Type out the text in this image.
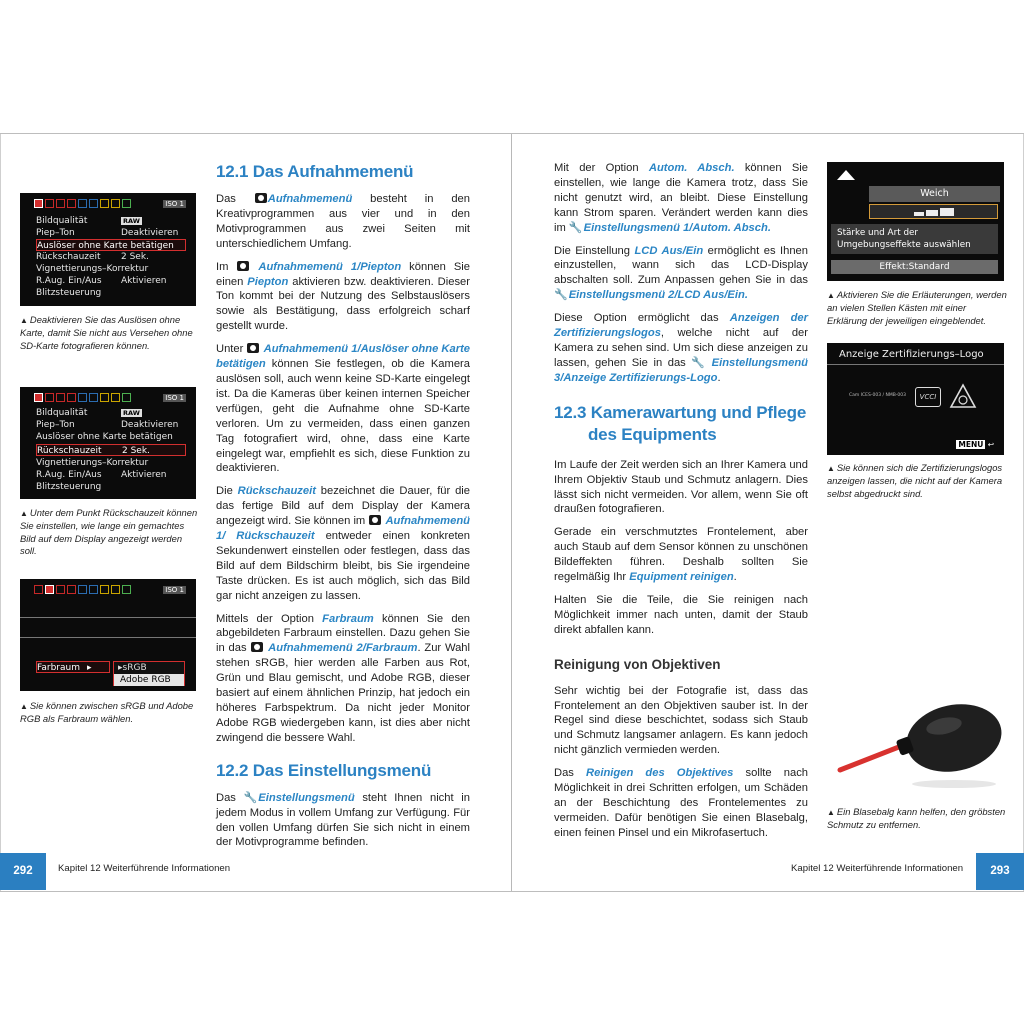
ISO 1
Bildqualität	RAW
Piep–Ton	Deaktivieren
Auslöser ohne Karte betätigen
Rückschauzeit 2 Sek.
Vignettierungs–Korrektur
R.Aug. Ein/Aus Aktivieren
Blitzsteuerung
▲ Deaktivieren Sie das Auslösen ohne Karte, damit Sie nicht aus Versehen ohne SD-Karte fotografieren können.
ISO 1
Bildqualität	RAW
Piep–Ton	Deaktivieren
Auslöser ohne Karte betätigen
Rückschauzeit 2 Sek.
Vignettierungs–Korrektur
R.Aug. Ein/Aus Aktivieren
Blitzsteuerung
▲ Unter dem Punkt Rückschauzeit können Sie einstellen, wie lange ein gemachtes Bild auf dem Display angezeigt werden soll.
ISO 1
Farbraum ▸	▸sRGB
Adobe RGB
▲ Sie können zwischen sRGB und Adobe RGB als Farbraum wählen.
12.1 Das Aufnahmemenü

Das Aufnahmemenü besteht in den Kreativprogrammen aus vier und in den Motivprogrammen aus zwei Seiten mit unterschiedlichem Umfang.

Im  Aufnahmemenü 1/Piepton können Sie einen Piepton aktivieren bzw. deaktivieren. Dieser Ton kommt bei der Nutzung des Selbstauslösers sowie als Bestätigung, dass erfolgreich scharf gestellt wurde.

Unter  Aufnahmemenü 1/Auslöser ohne Karte betätigen können Sie festlegen, ob die Kamera auslösen soll, auch wenn keine SD-Karte eingelegt ist. Da die Kameras über keinen internen Speicher verfügen, geht die Aufnahme ohne SD-Karte verloren. Um zu vermeiden, dass einen ganzen Tag fotografiert wird, ohne, dass eine Karte eingelegt war, empfiehlt es sich, diese Funktion zu deaktivieren.

Die Rückschauzeit bezeichnet die Dauer, für die das fertige Bild auf dem Display der Kamera angezeigt wird. Sie können im  Aufnahmemenü 1/ Rückschauzeit entweder einen konkreten Sekundenwert einstellen oder festlegen, dass das Bild auf dem Bildschirm bleibt, bis Sie irgendeine Taste drücken. Es ist auch möglich, sich das Bild gar nicht anzeigen zu lassen.

Mittels der Option Farbraum können Sie den abgebildeten Farbraum einstellen. Dazu gehen Sie in das  Aufnahmemenü 2/Farbraum. Zur Wahl stehen sRGB, hier werden alle Farben aus Rot, Grün und Blau gemischt, und Adobe RGB, dieser basiert auf einem ähnlichen Prinzip, hat jedoch ein höheres Farbspektrum. Da nicht jeder Monitor Adobe RGB wiedergeben kann, ist dies aber nicht zwingend die bessere Wahl.

12.2 Das Einstellungsmenü

Das 🔧Einstellungsmenü steht Ihnen nicht in jedem Modus in vollem Umfang zur Verfügung. Für den vollen Umfang dürfen Sie sich nicht in einem der Motivprogramme befinden.

292	Kapitel 12 Weiterführende Informationen

Mit der Option Autom. Absch. können Sie einstellen, wie lange die Kamera trotz, dass Sie nicht genutzt wird, an bleibt. Diese Einstellung kann Strom sparen. Verändert werden kann dies im 🔧Einstellungsmenü 1/Autom. Absch.

Die Einstellung LCD Aus/Ein ermöglicht es Ihnen einzustellen, wann sich das LCD-Display abschalten soll. Zum Anpassen gehen Sie in das 🔧Einstellungsmenü 2/LCD Aus/Ein.

Diese Option ermöglicht das Anzeigen der Zertifizierungslogos, welche nicht auf der Kamera zu sehen sind. Um sich diese anzeigen zu lassen, gehen Sie in das 🔧 Einstellungsmenü 3/Anzeige Zertifizierungs-Logo.

12.3 Kamerawartung und Pflege
des Equipments

Im Laufe der Zeit werden sich an Ihrer Kamera und Ihrem Objektiv Staub und Schmutz anlagern. Dies lässt sich nicht vermeiden. Vor allem, wenn Sie oft draußen fotografieren.

Gerade ein verschmutztes Frontelement, aber auch Staub auf dem Sensor können zu unschönen Bildeffekten führen. Deshalb sollten Sie regelmäßig Ihr Equipment reinigen.

Halten Sie die Teile, die Sie reinigen nach Möglichkeit immer nach unten, damit der Staub direkt abfallen kann.

Reinigung von Objektiven

Sehr wichtig bei der Fotografie ist, dass das Frontelement an den Objektiven sauber ist. In der Regel sind diese beschichtet, sodass sich Staub und Schmutz langsamer anlagern. Es kann jedoch nicht gänzlich vermieden werden.

Das Reinigen des Objektives sollte nach Möglichkeit in drei Schritten erfolgen, um Schäden an der Beschichtung des Frontelementes zu vermeiden. Dafür benötigen Sie einen Blasebalg, einen feinen Pinsel und ein Mikrofasertuch.

Weich
Stärke und Art der Umgebungseffekte auswählen
Effekt:Standard
▲ Aktivieren Sie die Erläuterungen, werden an vielen Stellen Kästen mit einer Erklärung der jeweiligen eingeblendet.
Anzeige Zertifizierungs–Logo
Cam ICES-003 / NMB-003	VCCI
MENU ↩
▲ Sie können sich die Zertifizierungslogos anzeigen lassen, die nicht auf der Kamera selbst abgedruckt sind.
▲ Ein Blasebalg kann helfen, den gröbsten Schmutz zu entfernen.
Kapitel 12 Weiterführende Informationen	293
